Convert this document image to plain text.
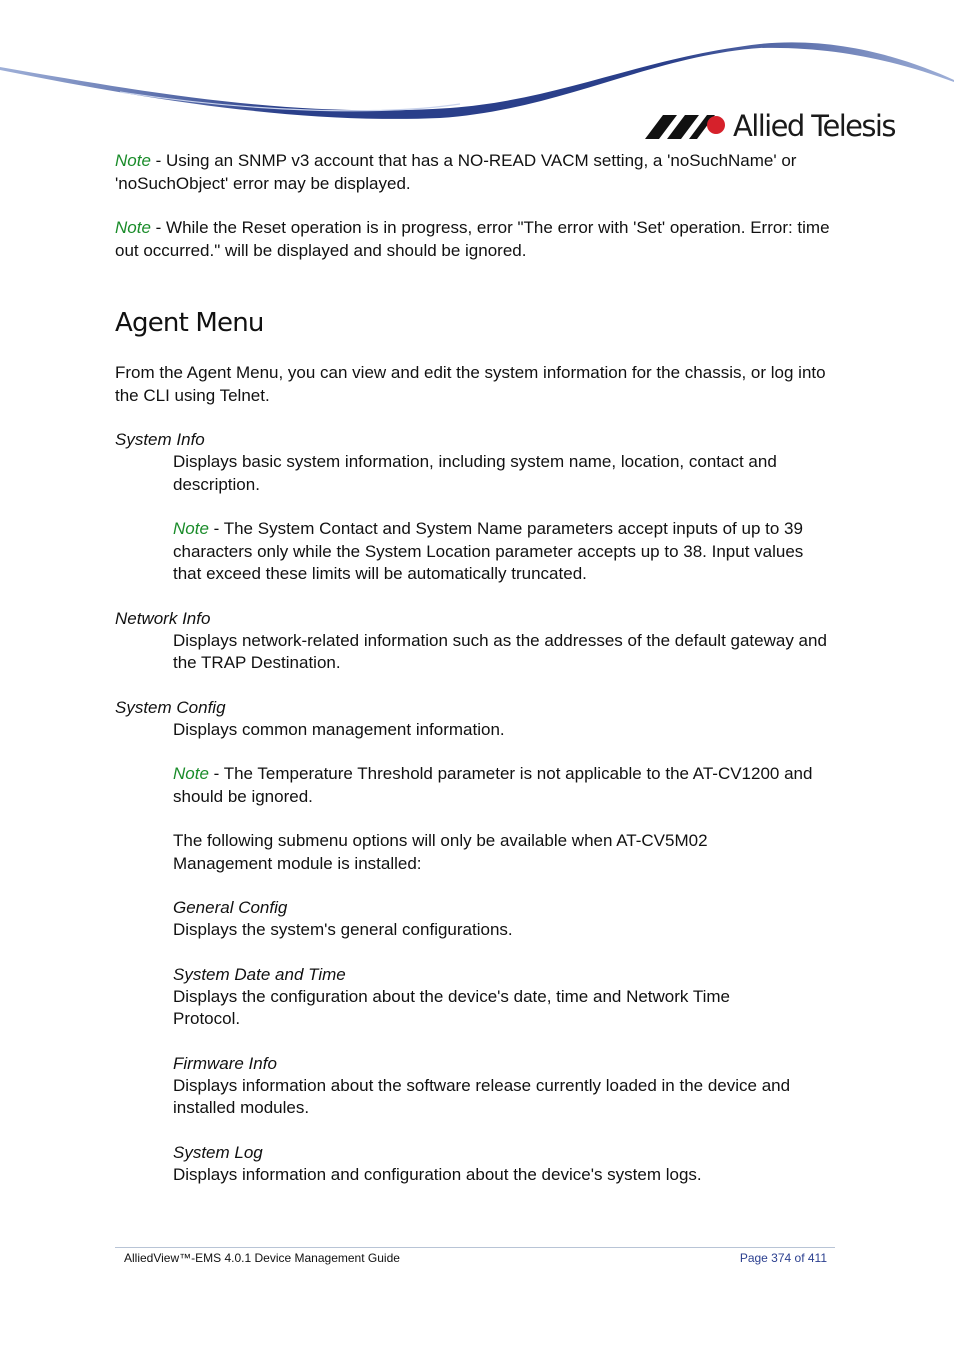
Allied Telesis

Note - Using an SNMP v3 account that has a NO-READ VACM setting, a 'noSuchName' or 'noSuchObject' error may be displayed.

Note - While the Reset operation is in progress, error "The error with 'Set' operation. Error: time out occurred." will be displayed and should be ignored.

Agent Menu

From the Agent Menu, you can view and edit the system information for the chassis, or log into the CLI using Telnet.

System Info

Displays basic system information, including system name, location, contact and description.

Note - The System Contact and System Name parameters accept inputs of up to 39 characters only while the System Location parameter accepts up to 38. Input values that exceed these limits will be automatically truncated.

Network Info

Displays network-related information such as the addresses of the default gateway and the TRAP Destination.

System Config

Displays common management information.

Note - The Temperature Threshold parameter is not applicable to the AT-CV1200 and should be ignored.

The following submenu options will only be available when AT-CV5M02 Management module is installed:

General Config

Displays the system's general configurations.

System Date and Time

Displays the configuration about the device's date, time and Network Time Protocol.

Firmware Info

Displays information about the software release currently loaded in the device and installed modules.

System Log

Displays information and configuration about the device's system logs.

AlliedView™-EMS 4.0.1 Device Management Guide	Page 374 of 411
